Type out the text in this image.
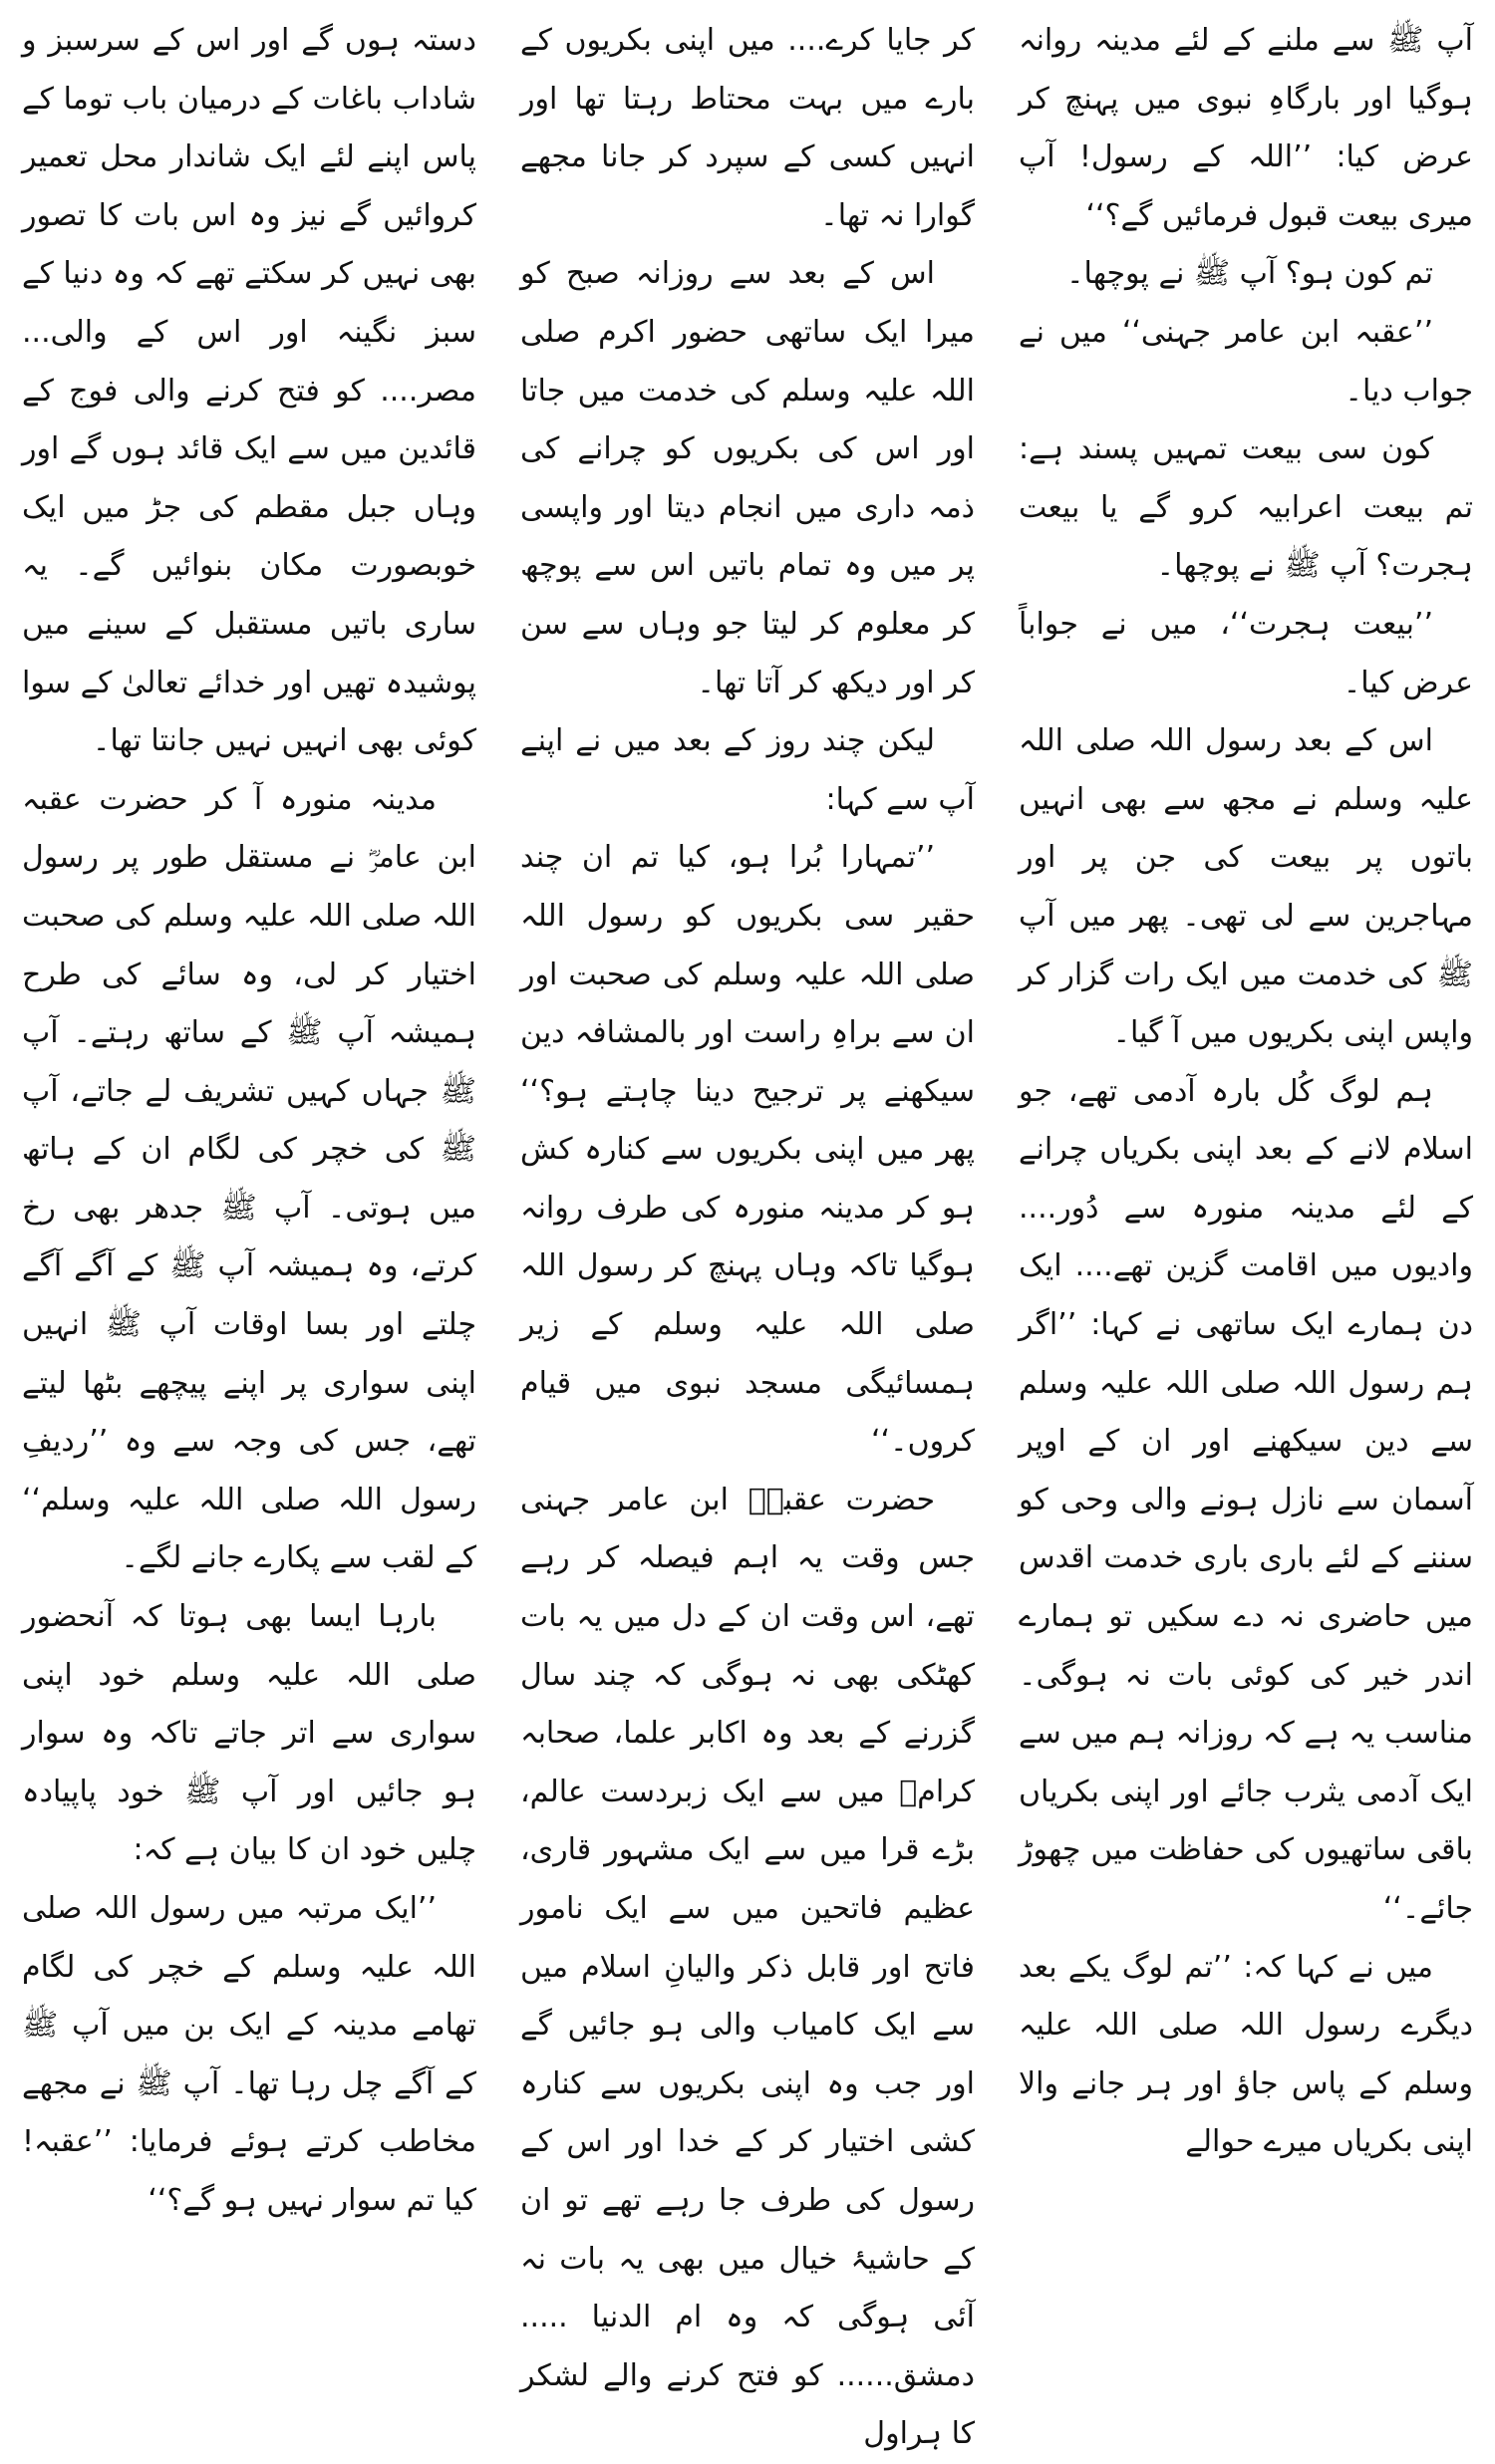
آپ ﷺ سے ملنے کے لئے مدینہ روانہ ہوگیا اور بارگاہِ نبوی میں پہنچ کر عرض کیا: ’’اللہ کے رسول! آپ میری بیعت قبول فرمائیں گے؟‘‘

تم کون ہو؟ آپ ﷺ نے پوچھا۔

’’عقبہ ابن عامر جہنی‘‘ میں نے جواب دیا۔

کون سی بیعت تمہیں پسند ہے: تم بیعت اعرابیہ کرو گے یا بیعت ہجرت؟ آپ ﷺ نے پوچھا۔

’’بیعت ہجرت‘‘، میں نے جواباً عرض کیا۔

اس کے بعد رسول اللہ صلی اللہ علیہ وسلم نے مجھ سے بھی انہیں باتوں پر بیعت کی جن پر اور مہاجرین سے لی تھی۔ پھر میں آپ ﷺ کی خدمت میں ایک رات گزار کر واپس اپنی بکریوں میں آ گیا۔

ہم لوگ کُل بارہ آدمی تھے، جو اسلام لانے کے بعد اپنی بکریاں چرانے کے لئے مدینہ منورہ سے دُور.... وادیوں میں اقامت گزین تھے.... ایک دن ہمارے ایک ساتھی نے کہا: ’’اگر ہم رسول اللہ صلی اللہ علیہ وسلم سے دین سیکھنے اور ان کے اوپر آسمان سے نازل ہونے والی وحی کو سننے کے لئے باری باری خدمت اقدس میں حاضری نہ دے سکیں تو ہمارے اندر خیر کی کوئی بات نہ ہوگی۔ مناسب یہ ہے کہ روزانہ ہم میں سے ایک آدمی یثرب جائے اور اپنی بکریاں باقی ساتھیوں کی حفاظت میں چھوڑ جائے۔‘‘

میں نے کہا کہ: ’’تم لوگ یکے بعد دیگرے رسول اللہ صلی اللہ علیہ وسلم کے پاس جاؤ اور ہر جانے والا اپنی بکریاں میرے حوالے

کر جایا کرے.... میں اپنی بکریوں کے بارے میں بہت محتاط رہتا تھا اور انہیں کسی کے سپرد کر جانا مجھے گوارا نہ تھا۔

اس کے بعد سے روزانہ صبح کو میرا ایک ساتھی حضور اکرم صلی اللہ علیہ وسلم کی خدمت میں جاتا اور اس کی بکریوں کو چرانے کی ذمہ داری میں انجام دیتا اور واپسی پر میں وہ تمام باتیں اس سے پوچھ کر معلوم کر لیتا جو وہاں سے سن کر اور دیکھ کر آتا تھا۔

لیکن چند روز کے بعد میں نے اپنے آپ سے کہا:

’’تمہارا بُرا ہو، کیا تم ان چند حقیر سی بکریوں کو رسول اللہ صلی اللہ علیہ وسلم کی صحبت اور ان سے براہِ راست اور بالمشافہ دین سیکھنے پر ترجیح دینا چاہتے ہو؟‘‘ پھر میں اپنی بکریوں سے کنارہ کش ہو کر مدینہ منورہ کی طرف روانہ ہوگیا تاکہ وہاں پہنچ کر رسول اللہ صلی اللہ علیہ وسلم کے زیر ہمسائیگی مسجد نبوی میں قیام کروں۔‘‘

حضرت عقبہؓ ابن عامر جہنی جس وقت یہ اہم فیصلہ کر رہے تھے، اس وقت ان کے دل میں یہ بات کھٹکی بھی نہ ہوگی کہ چند سال گزرنے کے بعد وہ اکابر علما، صحابہ کرامؓ میں سے ایک زبردست عالم، بڑے قرا میں سے ایک مشہور قاری، عظیم فاتحین میں سے ایک نامور فاتح اور قابل ذکر والیانِ اسلام میں سے ایک کامیاب والی ہو جائیں گے اور جب وہ اپنی بکریوں سے کنارہ کشی اختیار کر کے خدا اور اس کے رسول کی طرف جا رہے تھے تو ان کے حاشیۂ خیال میں بھی یہ بات نہ آئی ہوگی کہ وہ ام الدنیا ..... دمشق...... کو فتح کرنے والے لشکر کا ہراول

دستہ ہوں گے اور اس کے سرسبز و شاداب باغات کے درمیان باب توما کے پاس اپنے لئے ایک شاندار محل تعمیر کروائیں گے نیز وہ اس بات کا تصور بھی نہیں کر سکتے تھے کہ وہ دنیا کے سبز نگینہ اور اس کے والی... مصر.... کو فتح کرنے والی فوج کے قائدین میں سے ایک قائد ہوں گے اور وہاں جبل مقطم کی جڑ میں ایک خوبصورت مکان بنوائیں گے۔ یہ ساری باتیں مستقبل کے سینے میں پوشیدہ تھیں اور خدائے تعالیٰ کے سوا کوئی بھی انہیں نہیں جانتا تھا۔

مدینہ منورہ آ کر حضرت عقبہ ابن عامرؓ نے مستقل طور پر رسول اللہ صلی اللہ علیہ وسلم کی صحبت اختیار کر لی، وہ سائے کی طرح ہمیشہ آپ ﷺ کے ساتھ رہتے۔ آپ ﷺ جہاں کہیں تشریف لے جاتے، آپ ﷺ کی خچر کی لگام ان کے ہاتھ میں ہوتی۔ آپ ﷺ جدھر بھی رخ کرتے، وہ ہمیشہ آپ ﷺ کے آگے آگے چلتے اور بسا اوقات آپ ﷺ انہیں اپنی سواری پر اپنے پیچھے بٹھا لیتے تھے، جس کی وجہ سے وہ ’’ردیفِ رسول اللہ صلی اللہ علیہ وسلم‘‘ کے لقب سے پکارے جانے لگے۔

بارہا ایسا بھی ہوتا کہ آنحضور صلی اللہ علیہ وسلم خود اپنی سواری سے اتر جاتے تاکہ وہ سوار ہو جائیں اور آپ ﷺ خود پاپیادہ چلیں خود ان کا بیان ہے کہ:

’’ایک مرتبہ میں رسول اللہ صلی اللہ علیہ وسلم کے خچر کی لگام تھامے مدینہ کے ایک بن میں آپ ﷺ کے آگے چل رہا تھا۔ آپ ﷺ نے مجھے مخاطب کرتے ہوئے فرمایا: ’’عقبہ! کیا تم سوار نہیں ہو گے؟‘‘
